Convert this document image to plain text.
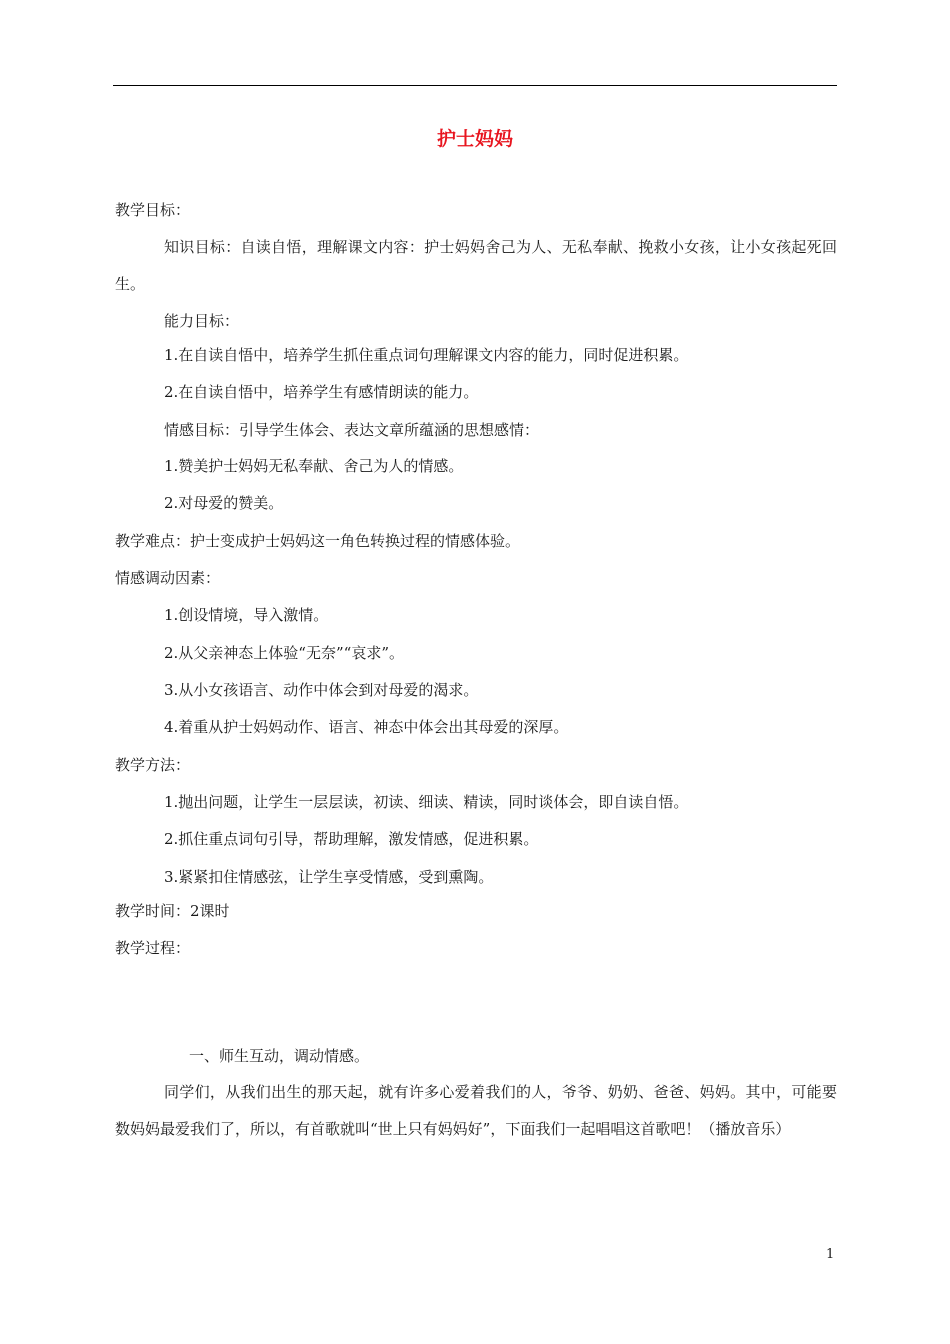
护士妈妈
教学目标：
知识目标：自读自悟，理解课文内容：护士妈妈舍己为人、无私奉献、挽救小女孩，让小女孩起死回生。
能力目标：
1.在自读自悟中，培养学生抓住重点词句理解课文内容的能力，同时促进积累。
2.在自读自悟中，培养学生有感情朗读的能力。
情感目标：引导学生体会、表达文章所蕴涵的思想感情：
1.赞美护士妈妈无私奉献、舍己为人的情感。
2.对母爱的赞美。
教学难点：护士变成护士妈妈这一角色转换过程的情感体验。
情感调动因素：
1.创设情境，导入激情。
2.从父亲神态上体验“无奈”“哀求”。
3.从小女孩语言、动作中体会到对母爱的渴求。
4.着重从护士妈妈动作、语言、神态中体会出其母爱的深厚。
教学方法：
1.抛出问题，让学生一层层读，初读、细读、精读，同时谈体会，即自读自悟。
2.抓住重点词句引导，帮助理解，激发情感，促进积累。
3.紧紧扣住情感弦，让学生享受情感，受到熏陶。
教学时间：2课时
教学过程：
一、师生互动，调动情感。
同学们，从我们出生的那天起，就有许多心爱着我们的人，爷爷、奶奶、爸爸、妈妈。其中，可能要数妈妈最爱我们了，所以，有首歌就叫“世上只有妈妈好”，下面我们一起唱唱这首歌吧！（播放音乐）
1
